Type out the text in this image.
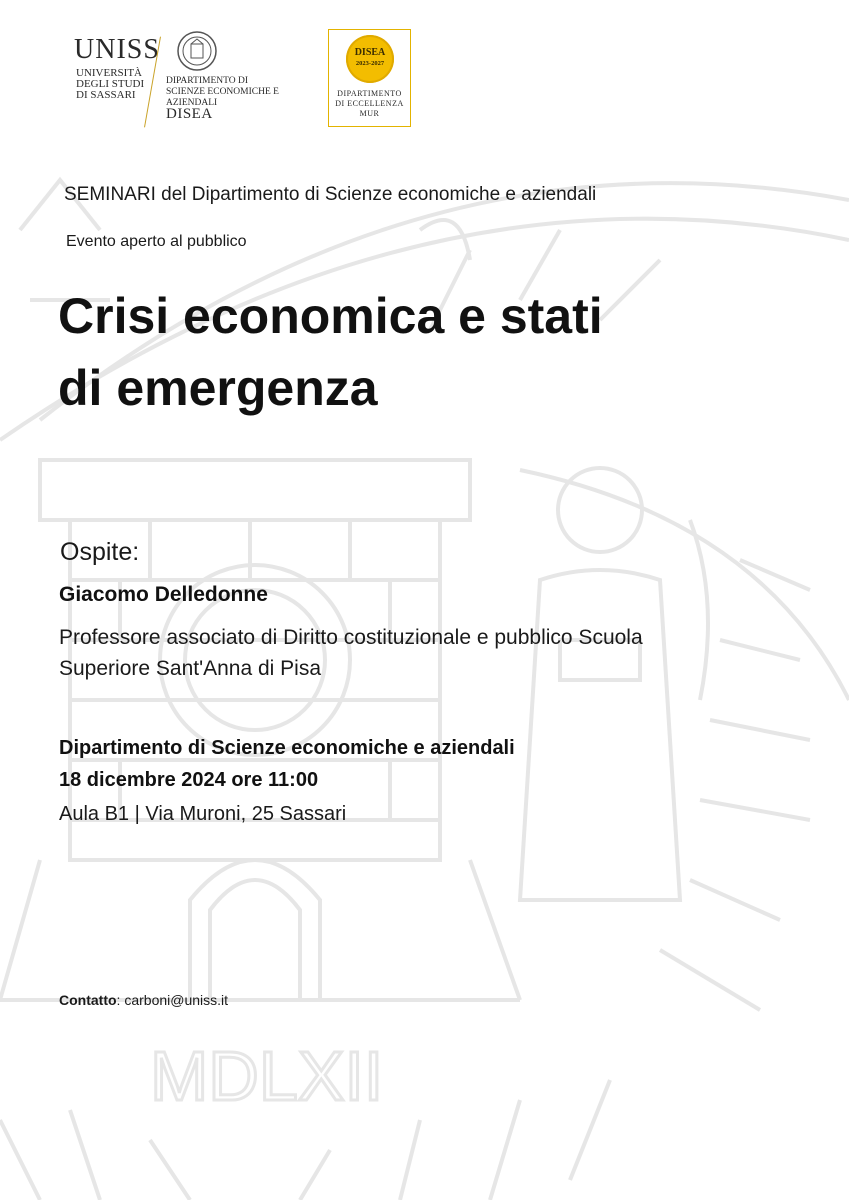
MDLXII
UNISS
UNIVERSITÀ
DEGLI STUDI
DI SASSARI
DIPARTIMENTO DI
SCIENZE ECONOMICHE E
AZIENDALI
DISEA
DISEA
2023-2027
DIPARTIMENTO
DI ECCELLENZA
MUR
SEMINARI del Dipartimento di Scienze economiche e aziendali
Evento aperto al pubblico
Crisi economica e stati
di emergenza
Ospite:
Giacomo Delledonne
Professore associato di Diritto costituzionale e pubblico Scuola
Superiore Sant'Anna di Pisa
Dipartimento di Scienze economiche e aziendali
18 dicembre 2024 ore 11:00
Aula B1 | Via Muroni, 25 Sassari
Contatto: carboni@uniss.it
